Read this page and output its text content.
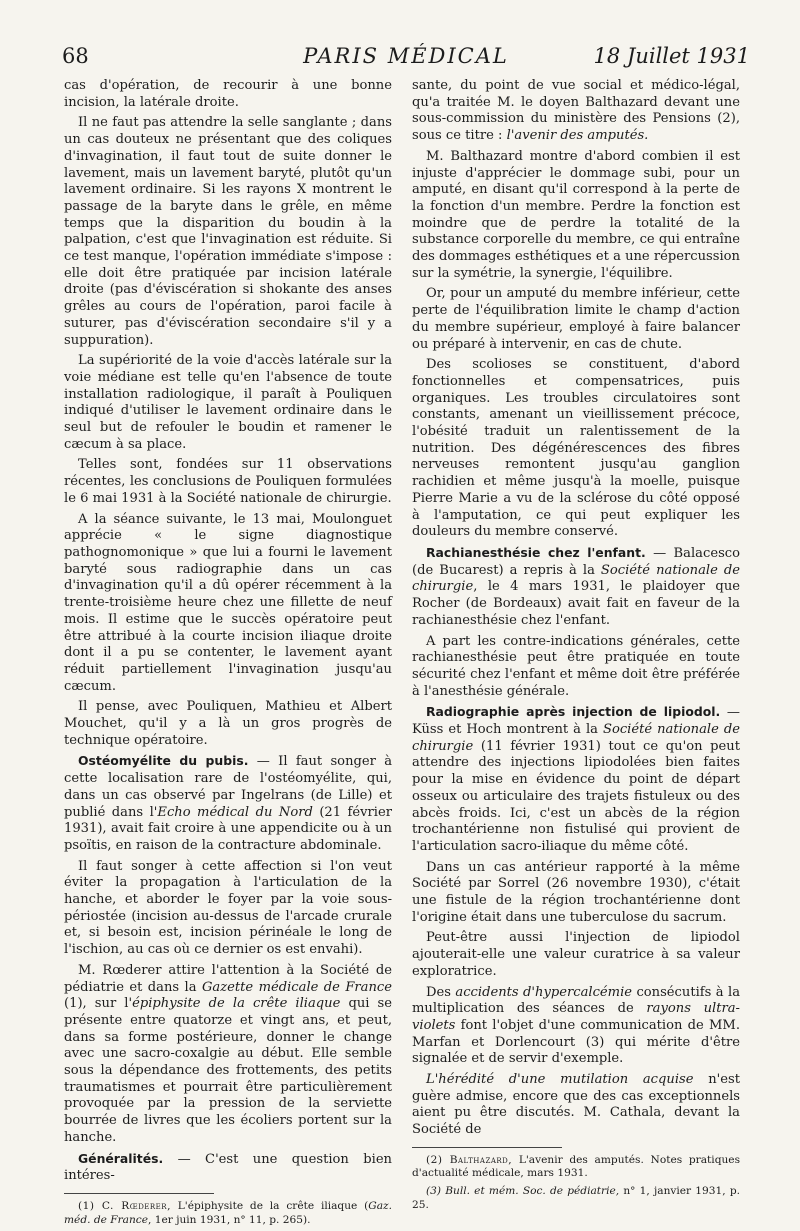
68	PARIS MÉDICAL	18 Juillet 1931

cas d'opération, de recourir à une bonne incision, la latérale droite.

Il ne faut pas attendre la selle sanglante ; dans un cas douteux ne présentant que des coliques d'invagination, il faut tout de suite donner le lavement, mais un lavement baryté, plutôt qu'un lavement ordinaire. Si les rayons X montrent le passage de la baryte dans le grêle, en même temps que la disparition du boudin à la palpation, c'est que l'invagination est réduite. Si ce test manque, l'opération immédiate s'impose : elle doit être pratiquée par incision latérale droite (pas d'éviscération si shokante des anses grêles au cours de l'opération, paroi facile à suturer, pas d'éviscération secondaire s'il y a suppuration).

La supériorité de la voie d'accès latérale sur la voie médiane est telle qu'en l'absence de toute installation radiologique, il paraît à Pouliquen indiqué d'utiliser le lavement ordinaire dans le seul but de refouler le boudin et ramener le cæcum à sa place.

Telles sont, fondées sur 11 observations récentes, les conclusions de Pouliquen formulées le 6 mai 1931 à la Société nationale de chirurgie.

A la séance suivante, le 13 mai, Moulonguet apprécie « le signe diagnostique pathognomonique » que lui a fourni le lavement baryté sous radiographie dans un cas d'invagination qu'il a dû opérer récemment à la trente-troisième heure chez une fillette de neuf mois. Il estime que le succès opératoire peut être attribué à la courte incision iliaque droite dont il a pu se contenter, le lavement ayant réduit partiellement l'invagination jusqu'au cæcum.

Il pense, avec Pouliquen, Mathieu et Albert Mouchet, qu'il y a là un gros progrès de technique opératoire.

Ostéomyélite du pubis. — Il faut songer à cette localisation rare de l'ostéomyélite, qui, dans un cas observé par Ingelrans (de Lille) et publié dans l'Echo médical du Nord (21 février 1931), avait fait croire à une appendicite ou à un psoïtis, en raison de la contracture abdominale.

Il faut songer à cette affection si l'on veut éviter la propagation à l'articulation de la hanche, et aborder le foyer par la voie sous-périostée (incision au-dessus de l'arcade crurale et, si besoin est, incision périnéale le long de l'ischion, au cas où ce dernier os est envahi).

M. Rœderer attire l'attention à la Société de pédiatrie et dans la Gazette médicale de France (1), sur l'épiphysite de la crête iliaque qui se présente entre quatorze et vingt ans, et peut, dans sa forme postérieure, donner le change avec une sacro-coxalgie au début. Elle semble sous la dépendance des frottements, des petits traumatismes et pourrait être particulièrement provoquée par la pression de la serviette bourrée de livres que les écoliers portent sur la hanche.

Généralités. — C'est une question bien intéres-

(1) C. Rœderer, L'épiphysite de la crête iliaque (Gaz. méd. de France, 1er juin 1931, n° 11, p. 265).

sante, du point de vue social et médico-légal, qu'a traitée M. le doyen Balthazard devant une sous-commission du ministère des Pensions (2), sous ce titre : l'avenir des amputés.

M. Balthazard montre d'abord combien il est injuste d'apprécier le dommage subi, pour un amputé, en disant qu'il correspond à la perte de la fonction d'un membre. Perdre la fonction est moindre que de perdre la totalité de la substance corporelle du membre, ce qui entraîne des dommages esthétiques et a une répercussion sur la symétrie, la synergie, l'équilibre.

Or, pour un amputé du membre inférieur, cette perte de l'équilibration limite le champ d'action du membre supérieur, employé à faire balancer ou préparé à intervenir, en cas de chute.

Des scolioses se constituent, d'abord fonctionnelles et compensatrices, puis organiques. Les troubles circulatoires sont constants, amenant un vieillissement précoce, l'obésité traduit un ralentissement de la nutrition. Des dégénérescences des fibres nerveuses remontent jusqu'au ganglion rachidien et même jusqu'à la moelle, puisque Pierre Marie a vu de la sclérose du côté opposé à l'amputation, ce qui peut expliquer les douleurs du membre conservé.

Rachianesthésie chez l'enfant. — Balacesco (de Bucarest) a repris à la Société nationale de chirurgie, le 4 mars 1931, le plaidoyer que Rocher (de Bordeaux) avait fait en faveur de la rachianesthésie chez l'enfant.

A part les contre-indications générales, cette rachianesthésie peut être pratiquée en toute sécurité chez l'enfant et même doit être préférée à l'anesthésie générale.

Radiographie après injection de lipiodol. — Küss et Hoch montrent à la Société nationale de chirurgie (11 février 1931) tout ce qu'on peut attendre des injections lipiodolées bien faites pour la mise en évidence du point de départ osseux ou articulaire des trajets fistuleux ou des abcès froids. Ici, c'est un abcès de la région trochantérienne non fistulisé qui provient de l'articulation sacro-iliaque du même côté.

Dans un cas antérieur rapporté à la même Société par Sorrel (26 novembre 1930), c'était une fistule de la région trochantérienne dont l'origine était dans une tuberculose du sacrum.

Peut-être aussi l'injection de lipiodol ajouterait-elle une valeur curatrice à sa valeur exploratrice.

Des accidents d'hypercalcémie consécutifs à la multiplication des séances de rayons ultra-violets font l'objet d'une communication de MM. Marfan et Dorlencourt (3) qui mérite d'être signalée et de servir d'exemple.

L'hérédité d'une mutilation acquise n'est guère admise, encore que des cas exceptionnels aient pu être discutés. M. Cathala, devant la Société de

(2) Balthazard, L'avenir des amputés. Notes pratiques d'actualité médicale, mars 1931.

(3) Bull. et mém. Soc. de pédiatrie, n° 1, janvier 1931, p. 25.
